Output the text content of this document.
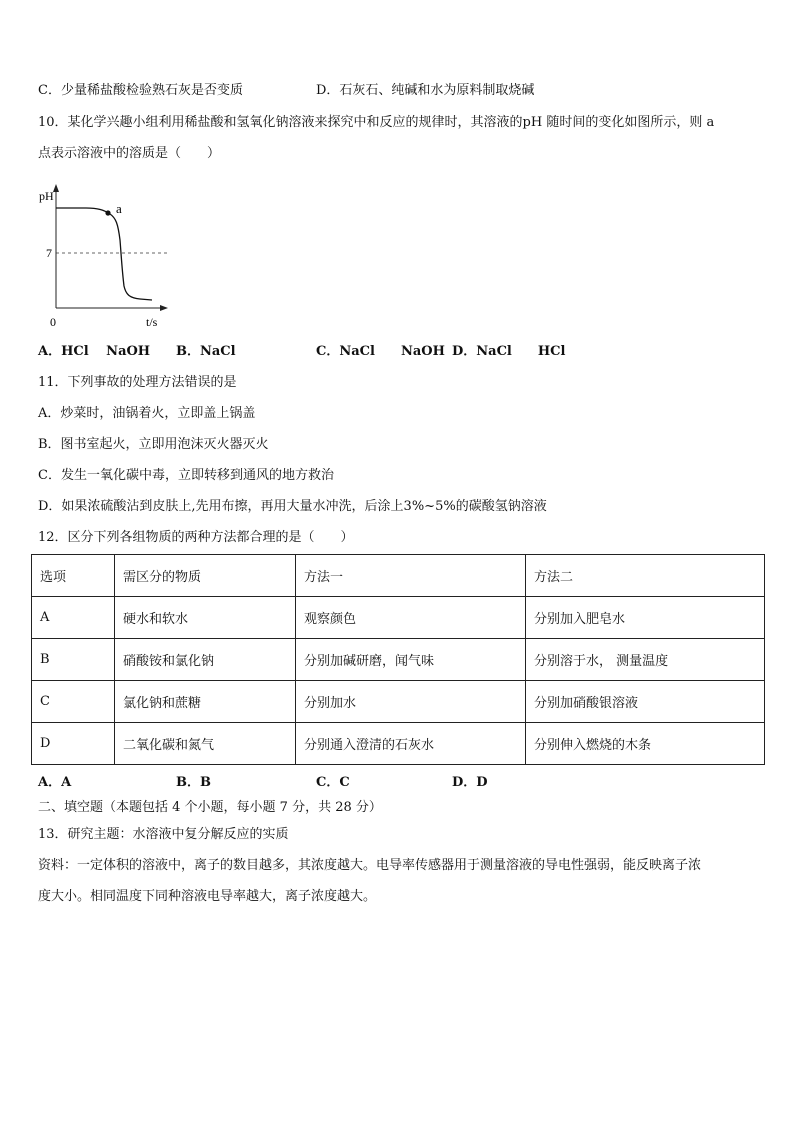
C．少量稀盐酸检验熟石灰是否变质	D．石灰石、纯碱和水为原料制取烧碱
10．某化学兴趣小组利用稀盐酸和氢氧化钠溶液来探究中和反应的规律时，其溶液的pH 随时间的变化如图所示，则 a
点表示溶液中的溶质是（　　）
a
pH
7
0	t/s
A．HCl　 NaOH B．NaCl	C．NaCl　　NaOH D．NaCl　　HCl
11．下列事故的处理方法错误的是
A．炒菜时，油锅着火，立即盖上锅盖
B．图书室起火，立即用泡沫灭火器灭火
C．发生一氧化碳中毒，立即转移到通风的地方救治
D．如果浓硫酸沾到皮肤上,先用布擦，再用大量水冲洗，后涂上3%~5%的碳酸氢钠溶液
12．区分下列各组物质的两种方法都合理的是（　　）
选项	需区分的物质	方法一	方法二
A	硬水和软水	观察颜色	分别加入肥皂水
B	硝酸铵和氯化钠	分别加碱研磨，闻气味	分别溶于水， 测量温度
C	氯化钠和蔗糖	分别加水	分别加硝酸银溶液
D	二氧化碳和氮气	分别通入澄清的石灰水	分别伸入燃烧的木条
A．A	B．B	C．C	D．D
二、填空题（本题包括 4 个小题，每小题 7 分，共 28 分）
13．研究主题：水溶液中复分解反应的实质
资料：一定体积的溶液中，离子的数目越多，其浓度越大。电导率传感器用于测量溶液的导电性强弱，能反映离子浓
度大小。相同温度下同种溶液电导率越大，离子浓度越大。
